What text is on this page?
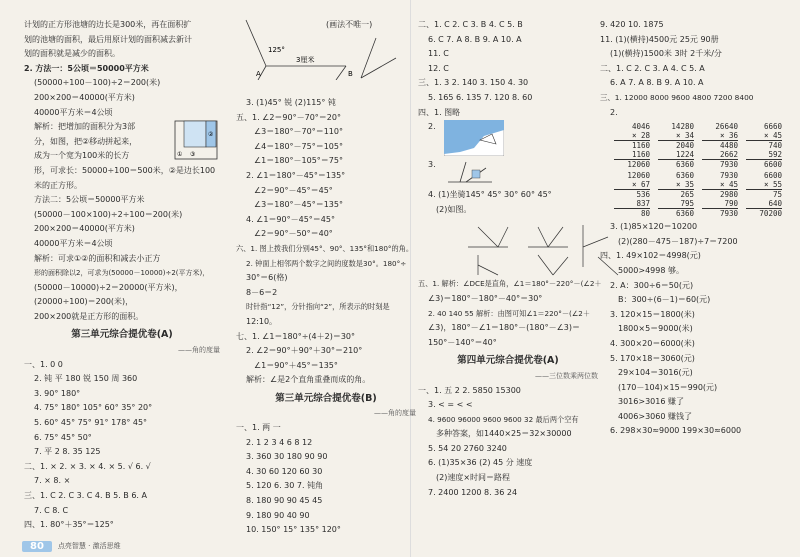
计划的正方形池塘的边长是300米，再在面积扩
划的池塘的面积，最后用原计划的面积减去新计
划的面积就是减少的面积。
2. 方法一：5公顷＝50000平方米
(50000÷100－100)÷2＝200(米)
200×200＝40000(平方米)
40000平方米＝4公顷
解析：把增加的面积分为3部
分，如图，把②移动拼起来，
成为一个宽为100米的长方	①
②
③
形，可求长：50000÷100＝500米，②是边长100
米的正方形。
方法二：5公顷＝50000平方米
(50000－100×100)÷2÷100＝200(米)
200×200＝40000(平方米)
40000平方米＝4公顷
解析：可求①②的面积和减去小正方
形的面积除以2，可求为(50000－10000)÷2(平方米)，
(50000－10000)÷2＝20000(平方米)，
(20000÷100)＝200(米)，
200×200就是正方形的面积。
第三单元综合提优卷(A)
——角的度量
一、1. 0 0
2. 钝 平 180 锐 150 周 360
3. 90° 180°
4. 75° 180° 105° 60° 35° 20°
5. 60° 45° 75° 91° 178° 45°
6. 75° 45° 50°
7. 平 2 8. 35 125
二、1. × 2. × 3. × 4. × 5. √ 6. √
7. × 8. ×
三、1. C 2. C 3. C 4. B 5. B 6. A
7. C 8. C
四、1. 80°＋35°＝125°
(画法不唯一)
125°
3厘米
A	B
3. (1)45° 锐 (2)115° 钝
五、1. ∠2＝90°－70°＝20°
∠3＝180°－70°＝110°
∠4＝180°－75°＝105°
∠1＝180°－105°＝75°
2. ∠1＝180°－45°＝135°
∠2＝90°－45°＝45°
∠3＝180°－45°＝135°
4. ∠1＝90°－45°＝45°
∠2＝90°－50°＝40°
六、1. 图上拨我们分别45°、90°、135°和180°的角。
2. 钟面上相邻两个数字之间的度数是30°。180°÷
30°＝6(格)
8－6＝2
时针指“12”，分针指向“2”，所表示的时刻是
12:10。
七、1. ∠1＝180°÷(4＋2)＝30°
2. ∠2＝90°＋90°＋30°＝210°
∠1＝90°＋45°＝135°
解析：∠是2个直角重叠而成的角。
第三单元综合提优卷(B)
——角的度量
一、1. 两 一
2. 1 2 3 4 6 8 12
3. 360 30 180 90 90
4. 30 60 120 60 30
5. 120 6. 30 7. 钝角
8. 180 90 90 45 45
9. 180 90 40 90
10. 150° 15° 135° 120°
二、1. C 2. C 3. B 4. C 5. B
6. C 7. A 8. B 9. A 10. A
11. C
12. C
三、1. 3 2. 140 3. 150 4. 30
5. 165 6. 135 7. 120 8. 60
四、1. 图略
2.
3.
4. (1)坐骑145° 45° 30° 60° 45°
(2)如图。
五、1. 解析：∠DCE是直角，∠1＝180°－220°－(∠2＋
∠3)＝180°－180°－40°＝30°
2. 40 140 55 解析：由图可知∠1＝220°－(∠2＋
∠3)，180°－∠1＝180°－(180°－∠3)＝
150°－140°＝40°
第四单元综合提优卷(A)
——三位数乘两位数
一、1. 五 2 2. 5850 15300
3. < = < <
4. 9600 96000 9600 9600 32 最后两个空有
多种答案，如1440×25＝32×30000
5. 54 20 2760 3240
6. (1)35×36 (2) 45 分 速度
(2)速度×时间＝路程
7. 2400 1200 8. 36 24
9. 420 10. 1875
11. (1)(横持)4500元 25元 90册
(1)(横持)1500米 3时 2千米/分
二、1. C 2. C 3. A 4. C 5. A
6. A 7. A 8. B 9. A 10. A
三、1. 12000 8000 9600 4800 7200 8400
2.
4046	14280	26640	6660
× 28	× 34	× 36	× 45
1160	2040	4480	740
1160	1224	2662	592
12060	6360	7930	6600
12060	6360	7930	6600
× 67	× 35	× 45	× 55
536	265	2980	75
837	795	790	640
80	6360	7930	70200
3. (1)85×120＝10200
(2)(280－475－187)÷7＝7200
四、1. 49×102＝4998(元)
5000>4998 够。
2. A：300÷6＝50(元)
B：300÷(6－1)＝60(元)
3. 120×15＝1800(米)
1800×5＝9000(米)
4. 300×20＝6000(米)
5. 170×18＝3060(元)
29×104＝3016(元)
(170－104)×15＝990(元)
3016>3016 赚了
4006>3060 赚钱了
6. 298×30≈9000 199×30≈6000
80	点亮智慧 · 激活思维
